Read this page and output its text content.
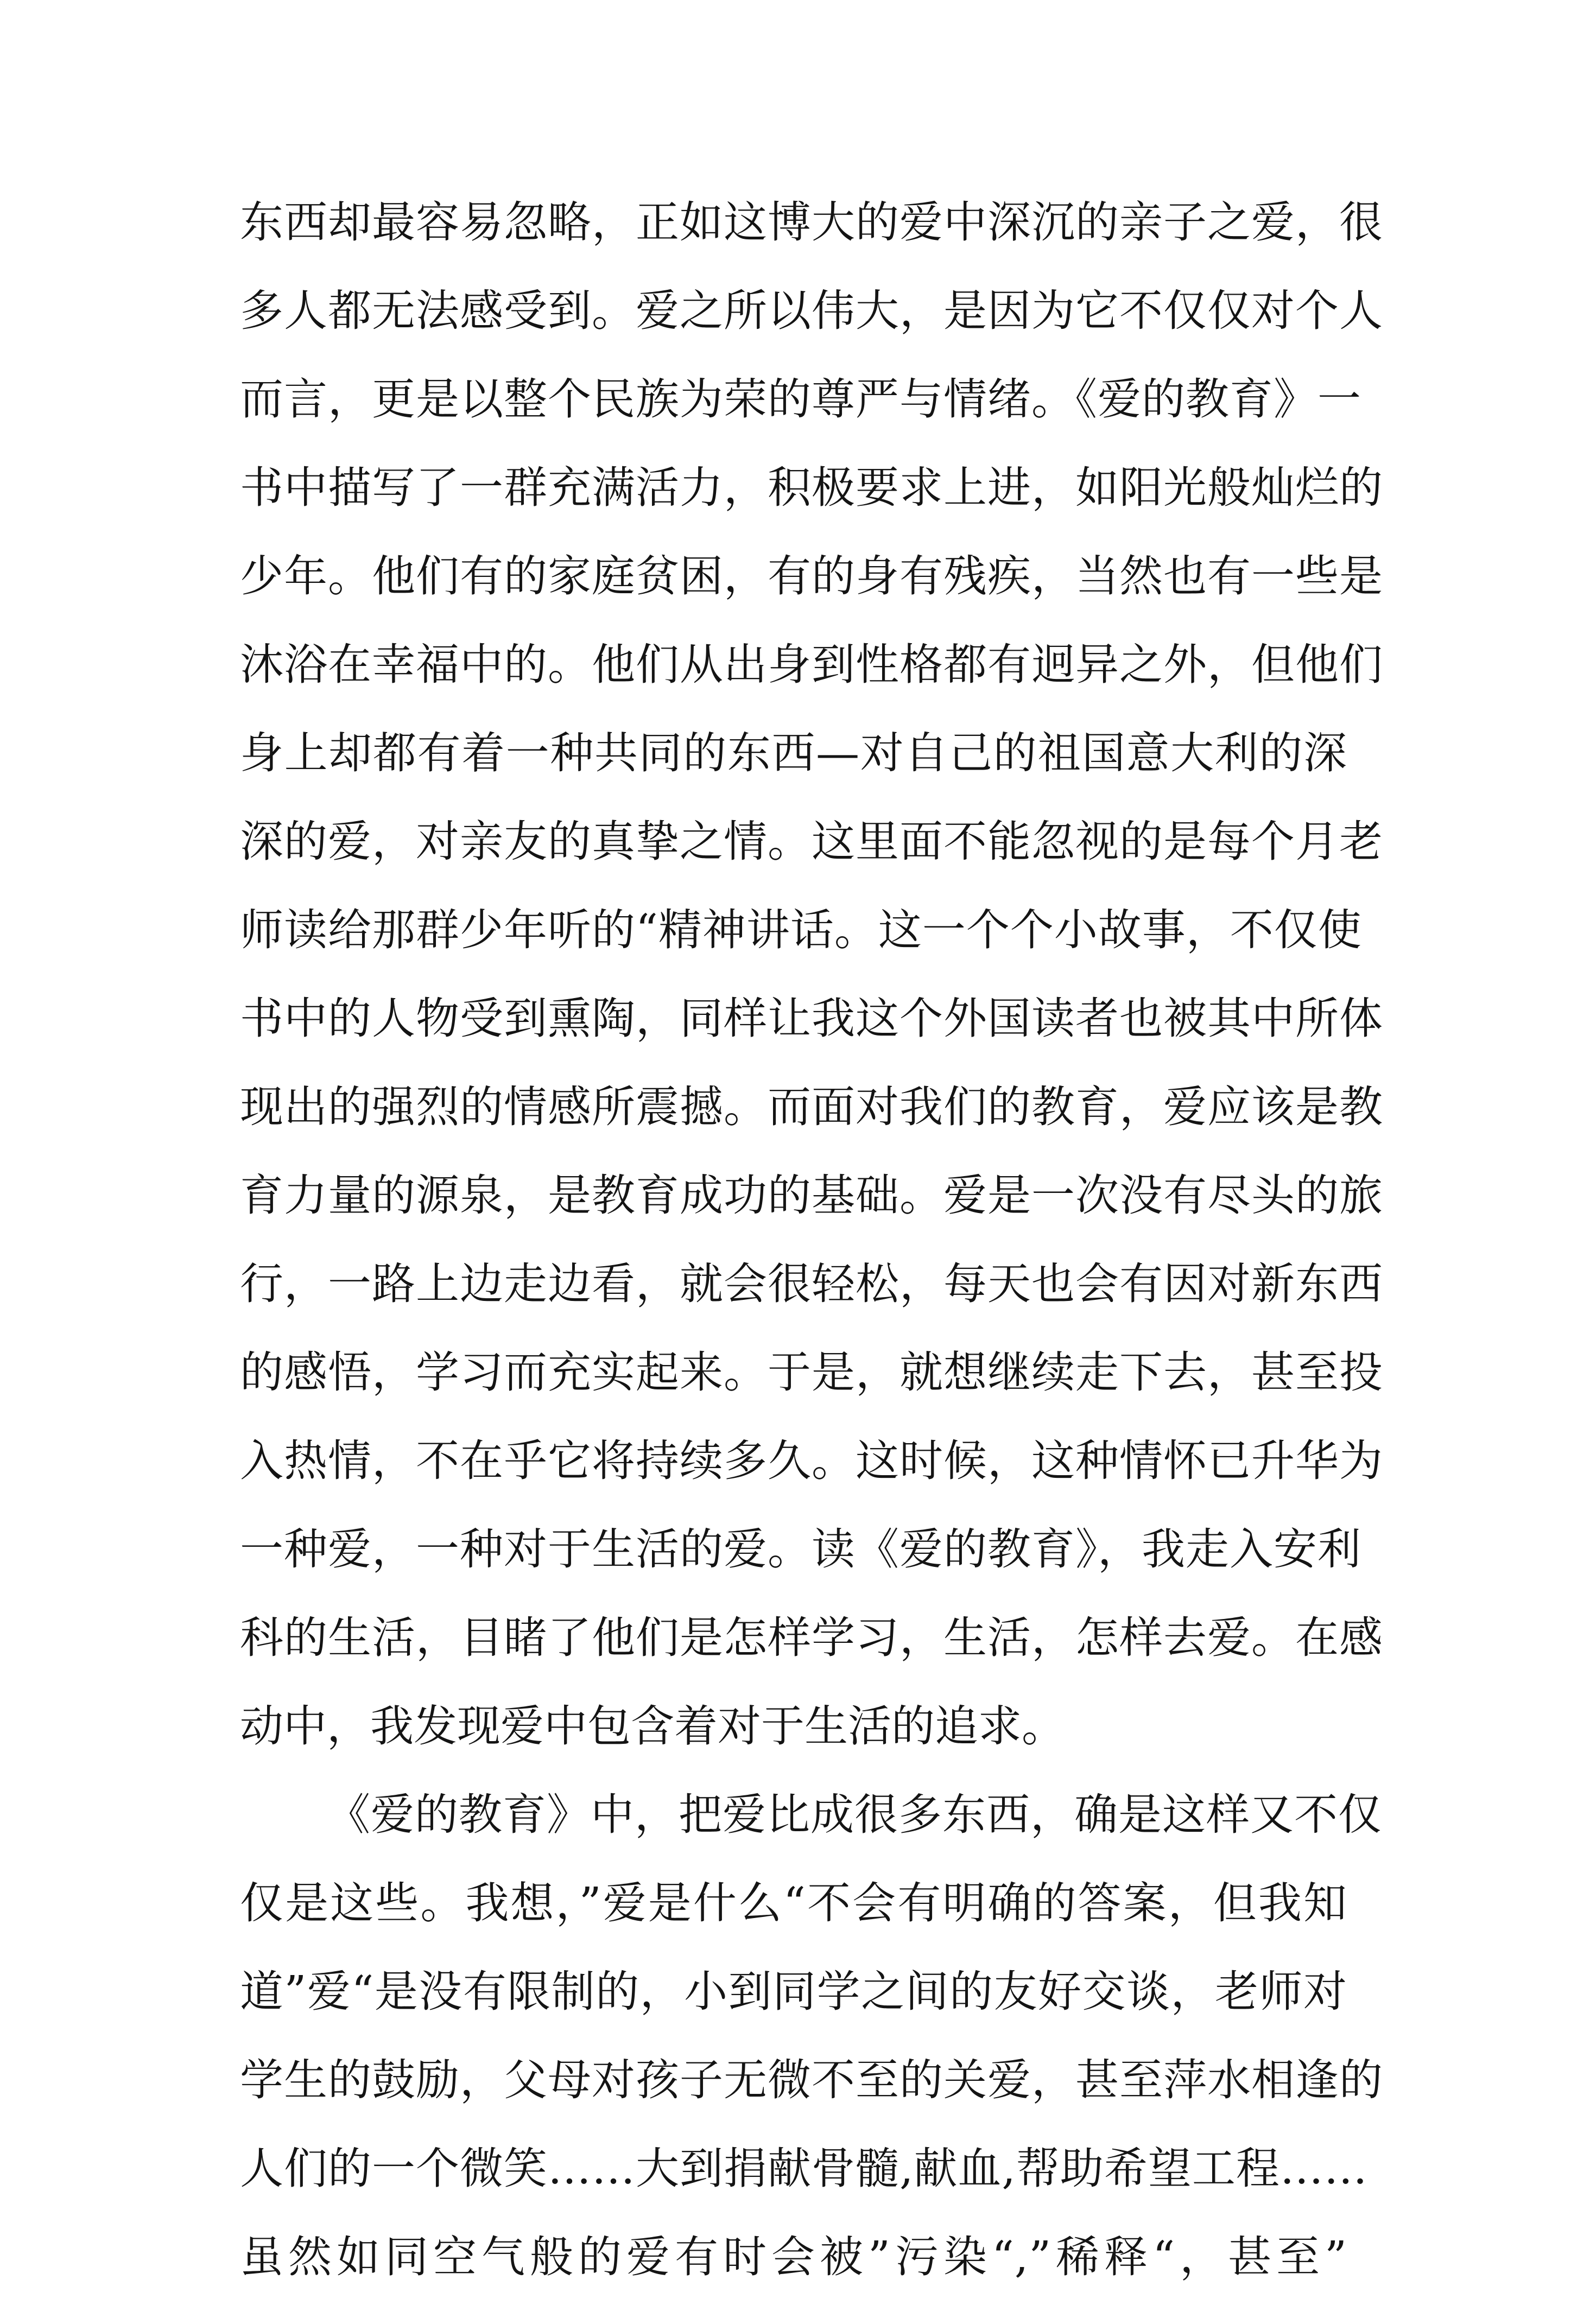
东西却最容易忽略，正如这博大的爱中深沉的亲子之爱，很
多人都无法感受到。爱之所以伟大，是因为它不仅仅对个人
而言，更是以整个民族为荣的尊严与情绪。《爱的教育》一
书中描写了一群充满活力，积极要求上进，如阳光般灿烂的
少年。他们有的家庭贫困，有的身有残疾，当然也有一些是
沐浴在幸福中的。他们从出身到性格都有迥异之外，但他们
身上却都有着一种共同的东西—对自己的祖国意大利的深
深的爱，对亲友的真挚之情。这里面不能忽视的是每个月老
师读给那群少年听的“精神讲话。这一个个小故事，不仅使
书中的人物受到熏陶，同样让我这个外国读者也被其中所体
现出的强烈的情感所震撼。而面对我们的教育，爱应该是教
育力量的源泉，是教育成功的基础。爱是一次没有尽头的旅
行，一路上边走边看，就会很轻松，每天也会有因对新东西
的感悟，学习而充实起来。于是，就想继续走下去，甚至投
入热情，不在乎它将持续多久。这时候，这种情怀已升华为
一种爱，一种对于生活的爱。读《爱的教育》，我走入安利
科的生活，目睹了他们是怎样学习，生活，怎样去爱。在感
动中，我发现爱中包含着对于生活的追求。
《爱的教育》中，把爱比成很多东西，确是这样又不仅
仅是这些。我想，”爱是什么“不会有明确的答案，但我知
道”爱“是没有限制的，小到同学之间的友好交谈，老师对
学生的鼓励，父母对孩子无微不至的关爱，甚至萍水相逢的
人们的一个微笑……大到捐献骨髓,献血,帮助希望工程……
虽然如同空气般的爱有时会被”污染“,”稀释“，甚至”
